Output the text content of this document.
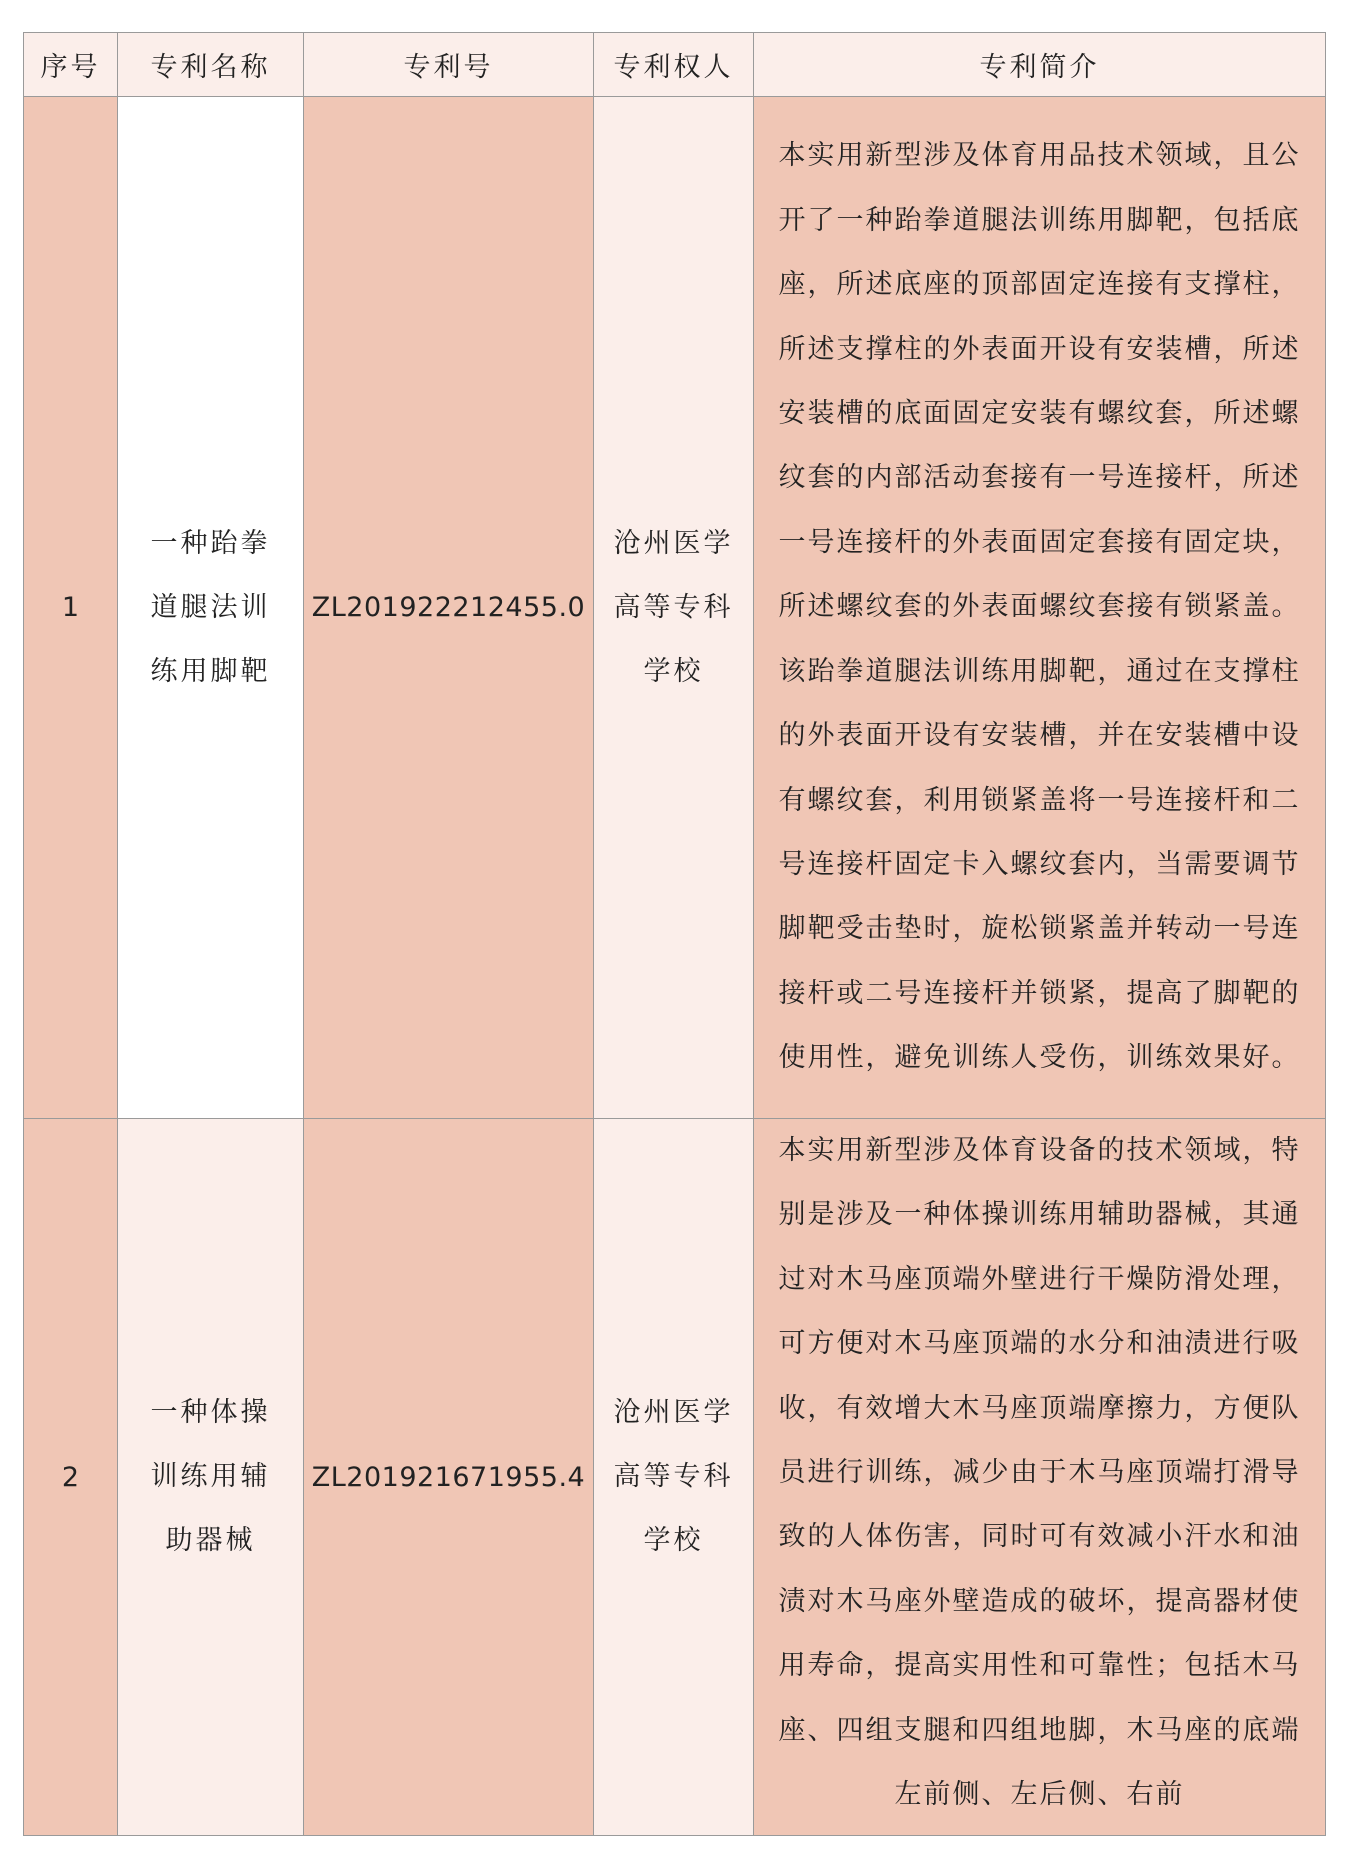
序号	专利名称	专利号	专利权人	专利简介
1	一种跆拳道腿法训练用脚靶	ZL201922212455.0	沧州医学高等专科学校	本实用新型涉及体育用品技术领域，且公开了一种跆拳道腿法训练用脚靶，包括底座，所述底座的顶部固定连接有支撑柱，所述支撑柱的外表面开设有安装槽，所述安装槽的底面固定安装有螺纹套，所述螺纹套的内部活动套接有一号连接杆，所述一号连接杆的外表面固定套接有固定块，所述螺纹套的外表面螺纹套接有锁紧盖。该跆拳道腿法训练用脚靶，通过在支撑柱的外表面开设有安装槽，并在安装槽中设有螺纹套，利用锁紧盖将一号连接杆和二号连接杆固定卡入螺纹套内，当需要调节脚靶受击垫时，旋松锁紧盖并转动一号连接杆或二号连接杆并锁紧，提高了脚靶的使用性，避免训练人受伤，训练效果好。
2	一种体操训练用辅助器械	ZL201921671955.4	沧州医学高等专科学校	本实用新型涉及体育设备的技术领域，特别是涉及一种体操训练用辅助器械，其通过对木马座顶端外壁进行干燥防滑处理，可方便对木马座顶端的水分和油渍进行吸收，有效增大木马座顶端摩擦力，方便队员进行训练，减少由于木马座顶端打滑导致的人体伤害，同时可有效减小汗水和油渍对木马座外壁造成的破坏，提高器材使用寿命，提高实用性和可靠性；包括木马座、四组支腿和四组地脚，木马座的底端左前侧、左后侧、右前
